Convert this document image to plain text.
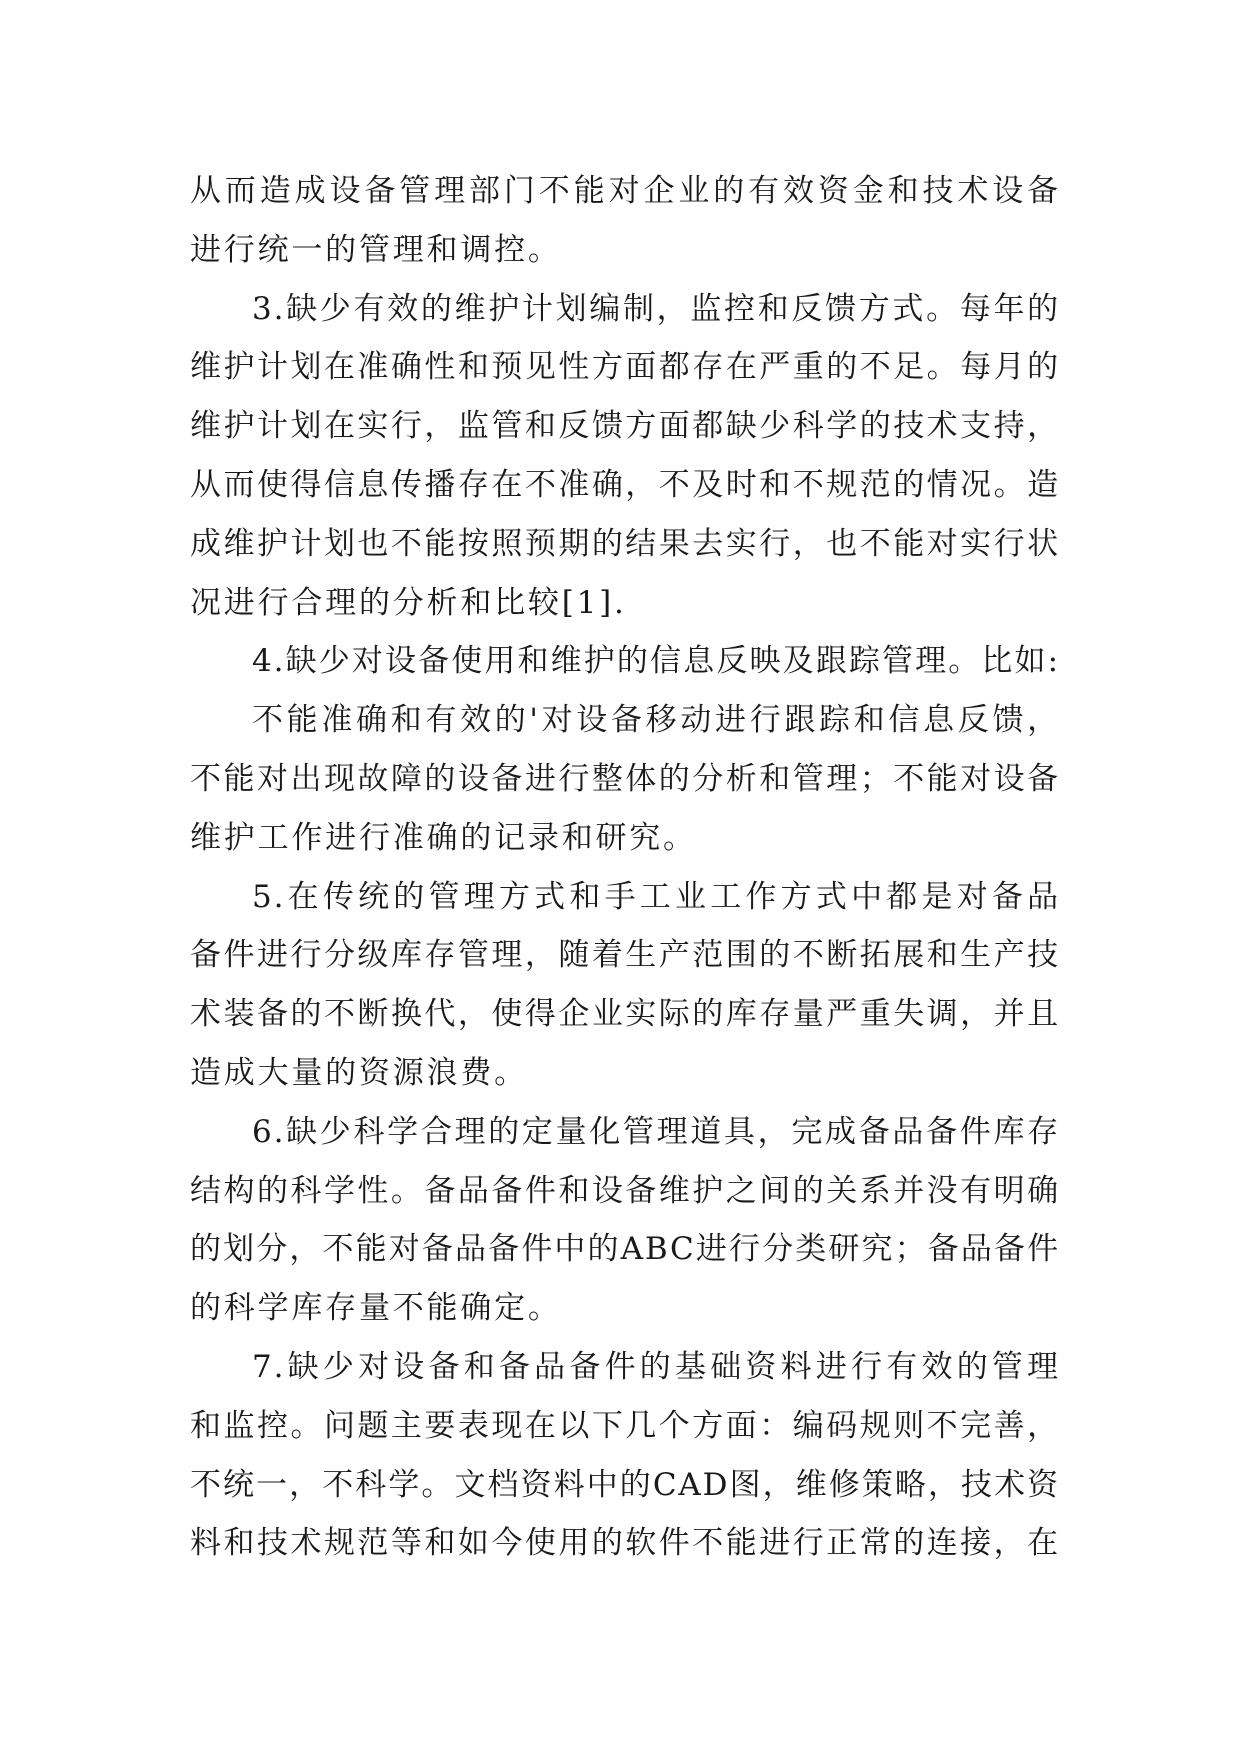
从而造成设备管理部门不能对企业的有效资金和技术设备
进行统一的管理和调控。
3.缺少有效的维护计划编制，监控和反馈方式。每年的
维护计划在准确性和预见性方面都存在严重的不足。每月的
维护计划在实行，监管和反馈方面都缺少科学的技术支持，
从而使得信息传播存在不准确，不及时和不规范的情况。造
成维护计划也不能按照预期的结果去实行，也不能对实行状
况进行合理的分析和比较[1].
4.缺少对设备使用和维护的信息反映及跟踪管理。比如:
不能准确和有效的'对设备移动进行跟踪和信息反馈，
不能对出现故障的设备进行整体的分析和管理；不能对设备
维护工作进行准确的记录和研究。
5.在传统的管理方式和手工业工作方式中都是对备品
备件进行分级库存管理，随着生产范围的不断拓展和生产技
术装备的不断换代，使得企业实际的库存量严重失调，并且
造成大量的资源浪费。
6.缺少科学合理的定量化管理道具，完成备品备件库存
结构的科学性。备品备件和设备维护之间的关系并没有明确
的划分，不能对备品备件中的ABC进行分类研究；备品备件
的科学库存量不能确定。
7.缺少对设备和备品备件的基础资料进行有效的管理
和监控。问题主要表现在以下几个方面：编码规则不完善，
不统一，不科学。文档资料中的CAD图，维修策略，技术资
料和技术规范等和如今使用的软件不能进行正常的连接，在
